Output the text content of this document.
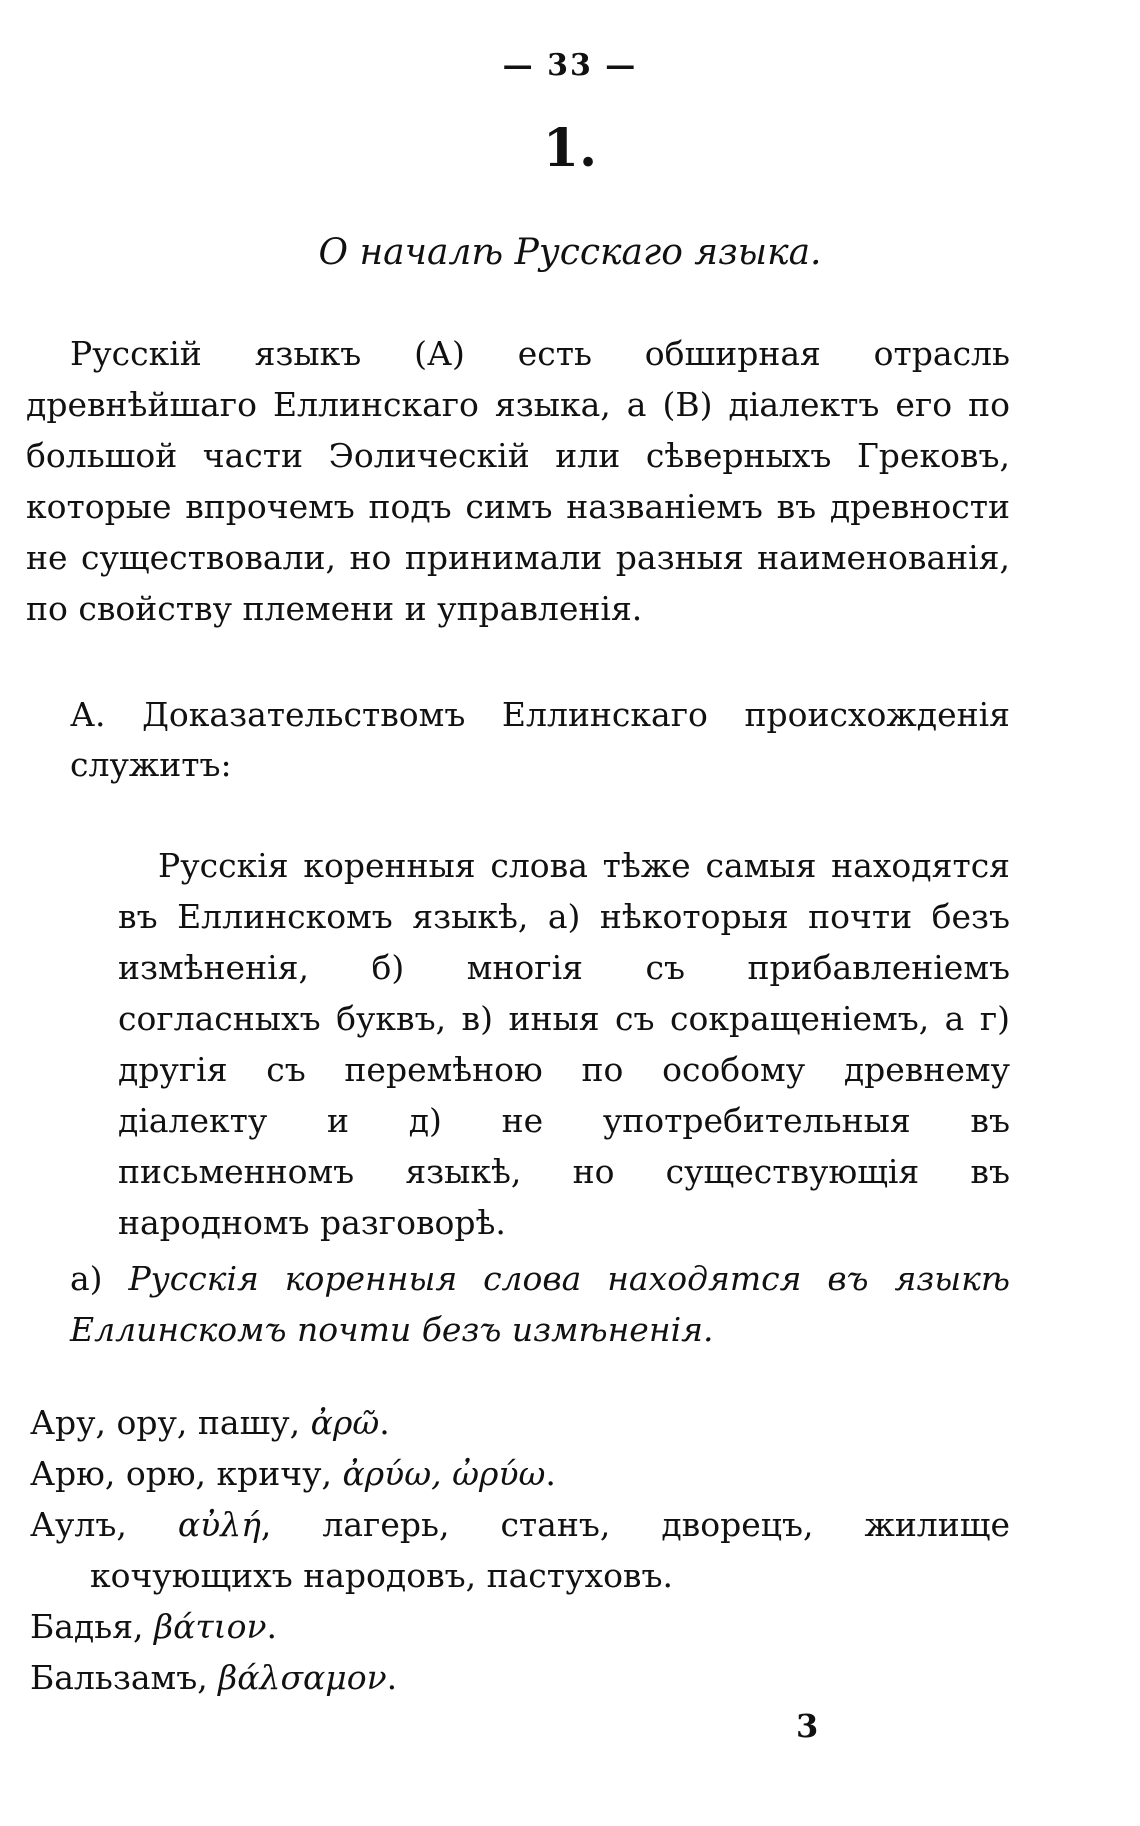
— 33 —
1.
О началѣ Русскаго языка.

Русскій языкъ (А) есть обширная отрасль древнѣйшаго Еллинскаго языка, а (В) діалектъ его по большой части Эолическій или сѣверныхъ Грековъ, которые впрочемъ подъ симъ названіемъ въ древности не существовали, но принимали разныя наименованія, по свойству племени и управленія.

А. Доказательствомъ Еллинскаго происхожденія служитъ:

Русскія коренныя слова тѣже самыя находятся въ Еллинскомъ языкѣ, а) нѣкоторыя почти безъ измѣненія, б) многія съ прибавленіемъ согласныхъ буквъ, в) иныя съ сокращеніемъ, а г) другія съ перемѣною по особому древнему діалекту и д) не употребительныя въ письменномъ языкѣ, но существующія въ народномъ разговорѣ.

а) Русскія коренныя слова находятся въ языкѣ Еллинскомъ почти безъ измѣненія.

Ару, ору, пашу, ἀρῶ.

Арю, орю, кричу, ἀρύω, ὠρύω.

Аулъ, αὐλή, лагерь, станъ, дворецъ, жилище кочующихъ народовъ, пастуховъ.

Бадья, βάτιον.

Бальзамъ, βάλσαμον.

3
